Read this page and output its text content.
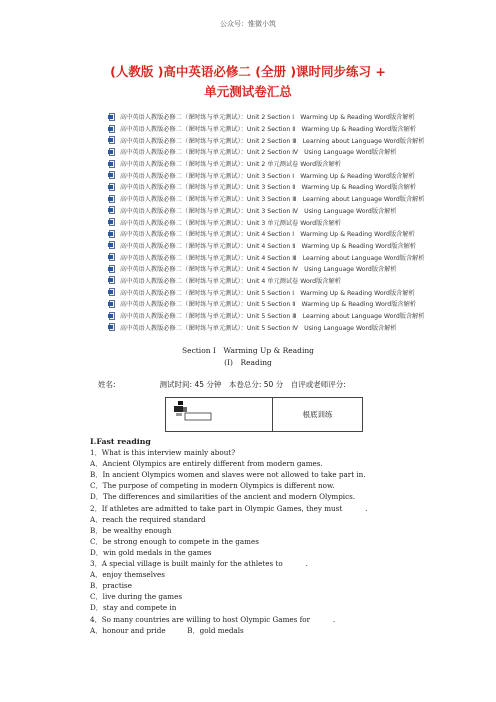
公众号：惟微小筑
(人教版 )高中英语必修二 (全册 )课时同步练习 +
单元测试卷汇总
高中英语人教版必修二（课时练与单元测试）：Unit 2 Section Ⅰ　Warming Up & Reading Word版含解析
高中英语人教版必修二（课时练与单元测试）：Unit 2 Section Ⅱ　Warming Up & Reading Word版含解析
高中英语人教版必修二（课时练与单元测试）：Unit 2 Section Ⅲ　Learning about Language Word版含解析
高中英语人教版必修二（课时练与单元测试）：Unit 2 Section Ⅳ　Using Language Word版含解析
高中英语人教版必修二（课时练与单元测试）：Unit 2 单元测试卷 Word版含解析
高中英语人教版必修二（课时练与单元测试）：Unit 3 Section Ⅰ　Warming Up & Reading Word版含解析
高中英语人教版必修二（课时练与单元测试）：Unit 3 Section Ⅱ　Warming Up & Reading Word版含解析
高中英语人教版必修二（课时练与单元测试）：Unit 3 Section Ⅲ　Learning about Language Word版含解析
高中英语人教版必修二（课时练与单元测试）：Unit 3 Section Ⅳ　Using Language Word版含解析
高中英语人教版必修二（课时练与单元测试）：Unit 3 单元测试卷 Word版含解析
高中英语人教版必修二（课时练与单元测试）：Unit 4 Section Ⅰ　Warming Up & Reading Word版含解析
高中英语人教版必修二（课时练与单元测试）：Unit 4 Section Ⅱ　Warming Up & Reading Word版含解析
高中英语人教版必修二（课时练与单元测试）：Unit 4 Section Ⅲ　Learning about Language Word版含解析
高中英语人教版必修二（课时练与单元测试）：Unit 4 Section Ⅳ　Using Language Word版含解析
高中英语人教版必修二（课时练与单元测试）：Unit 4 单元测试卷 Word版含解析
高中英语人教版必修二（课时练与单元测试）：Unit 5 Section Ⅰ　Warming Up & Reading Word版含解析
高中英语人教版必修二（课时练与单元测试）：Unit 5 Section Ⅱ　Warming Up & Reading Word版含解析
高中英语人教版必修二（课时练与单元测试）：Unit 5 Section Ⅲ　Learning about Language Word版含解析
高中英语人教版必修二（课时练与单元测试）：Unit 5 Section Ⅳ　Using Language Word版含解析
Section Ⅰ　Warming Up & Reading
(Ⅰ)　Reading
姓名:	测试时间: 45 分钟　本卷总分: 50 分　自评或老师评分:
根底训练
Ⅰ.Fast reading
1．What is this interview mainly about?
A．Ancient Olympics are entirely different from modern games.
B．In ancient Olympics women and slaves were not allowed to take part in.
C．The purpose of competing in modern Olympics is different now.
D．The differences and similarities of the ancient and modern Olympics.
2．If athletes are admitted to take part in Olympic Games, they must          .
A．reach the required standard
B．be wealthy enough
C．be strong enough to compete in the games
D．win gold medals in the games
3．A special village is built mainly for the athletes to          .
A．enjoy themselves
B．practise
C．live during the games
D．stay and compete in
4．So many countries are willing to host Olympic Games for          .
A．honour and pride　　　B．gold medals
